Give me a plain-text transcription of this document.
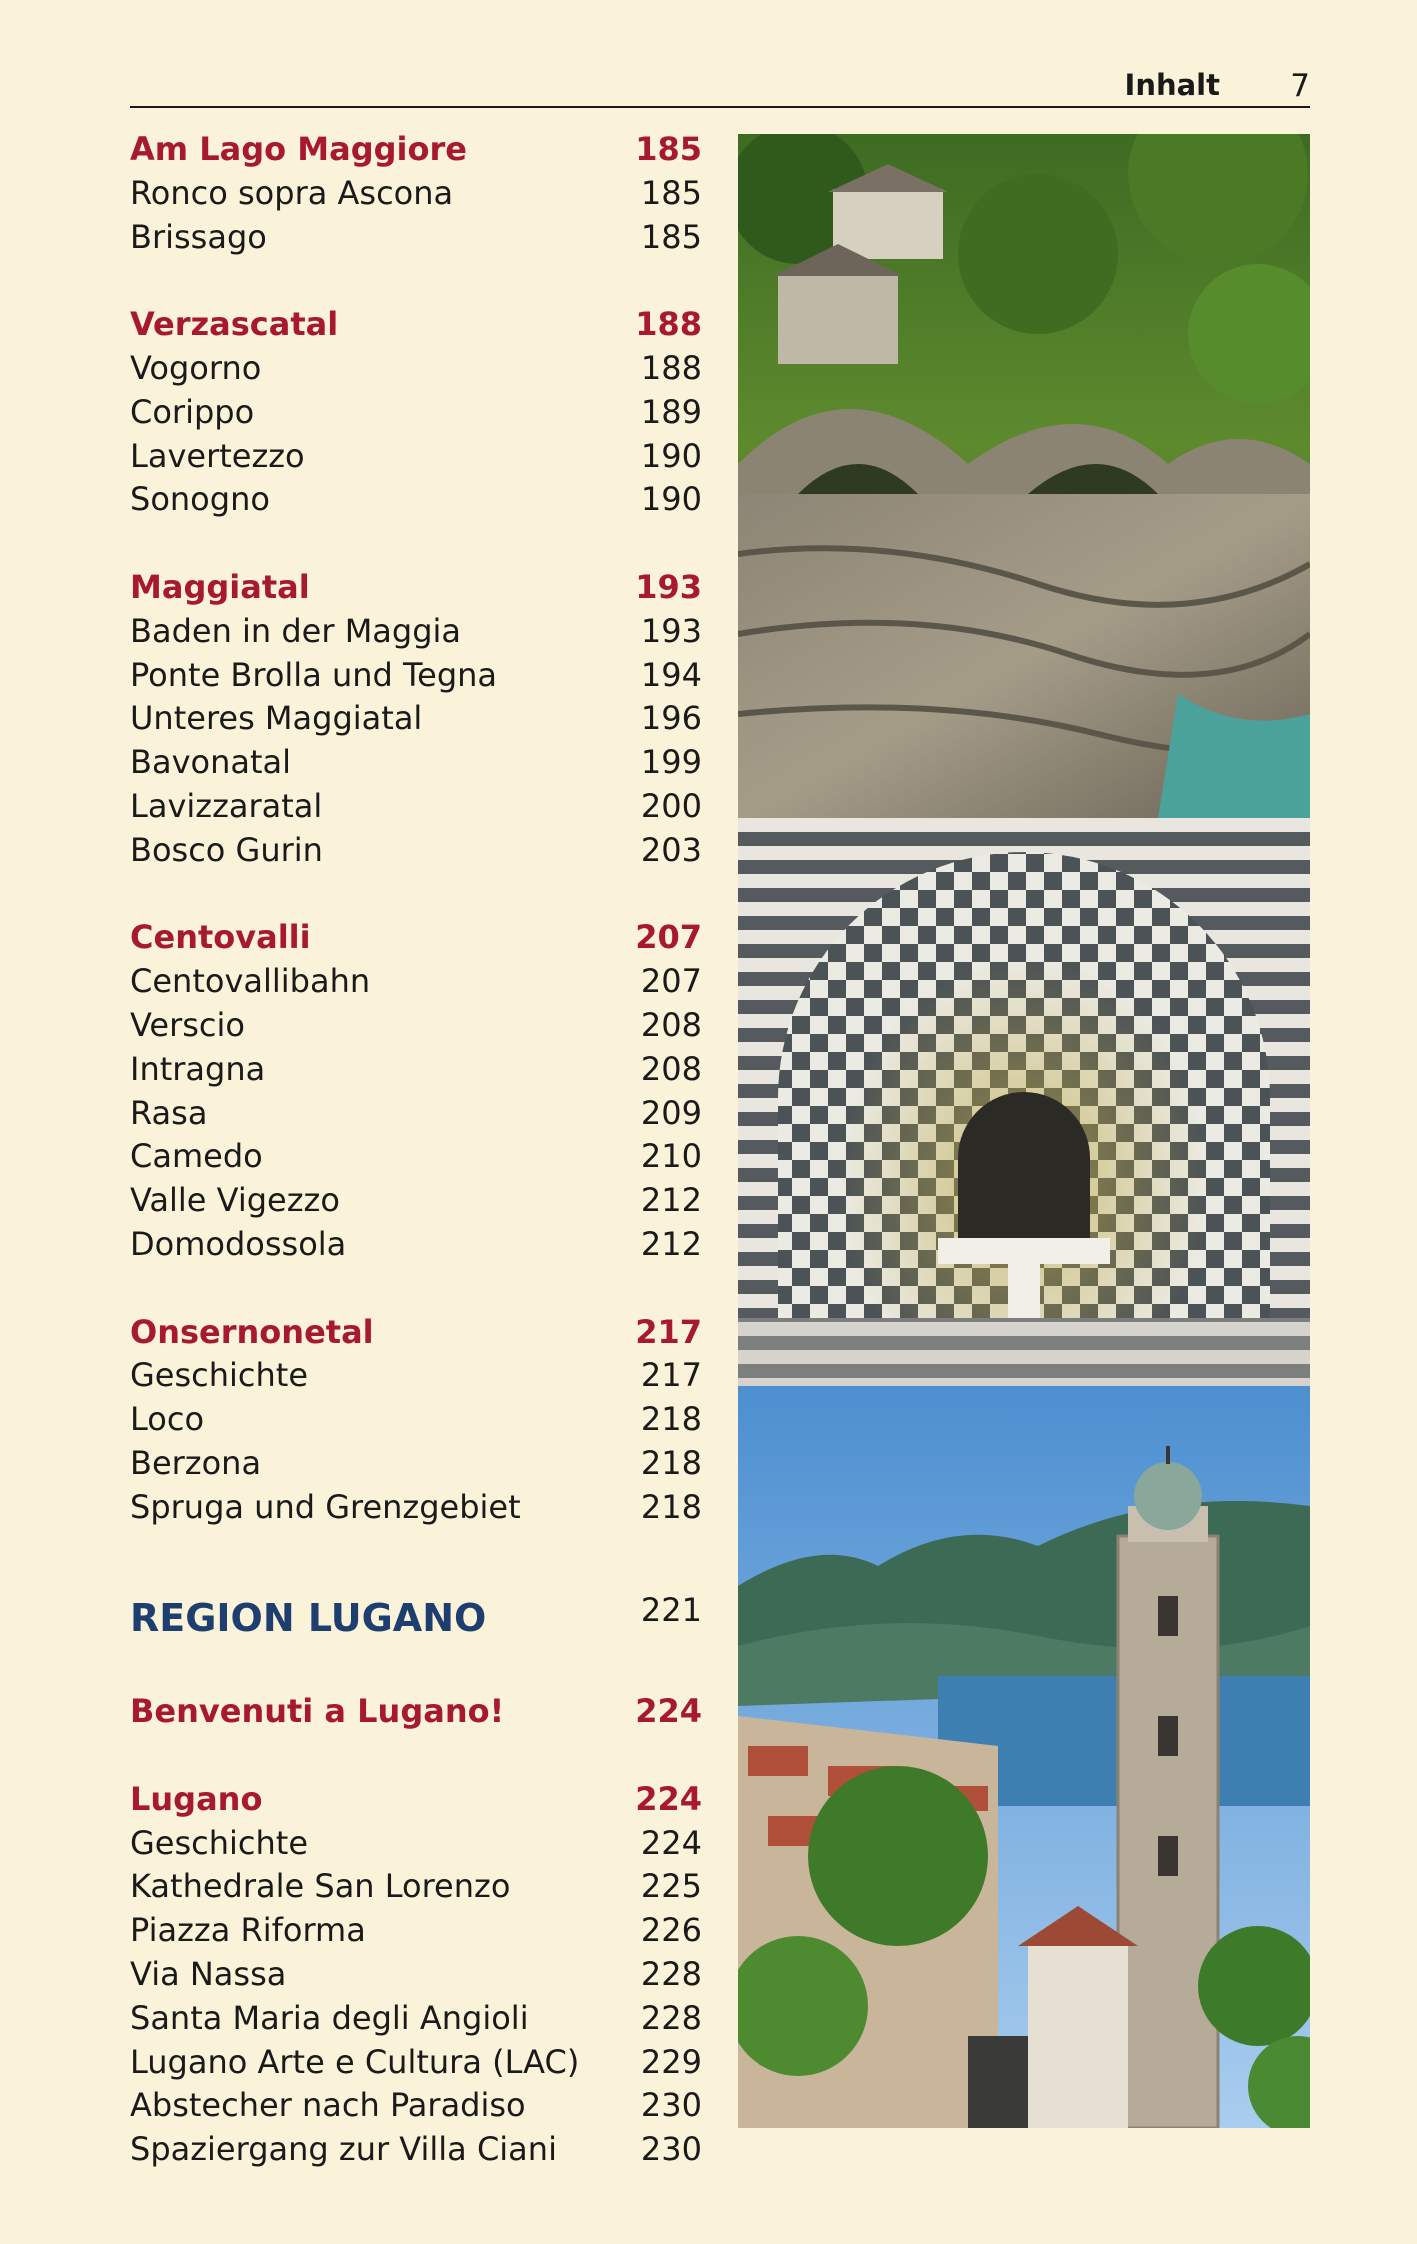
Inhalt 7
Am Lago Maggiore	185
Ronco sopra Ascona	185
Brissago	185
Verzascatal	188
Vogorno	188
Corippo	189
Lavertezzo	190
Sonogno	190
Maggiatal	193
Baden in der Maggia	193
Ponte Brolla und Tegna	194
Unteres Maggiatal	196
Bavonatal	199
Lavizzaratal	200
Bosco Gurin	203
Centovalli	207
Centovallibahn	207
Verscio	208
Intragna	208
Rasa	209
Camedo	210
Valle Vigezzo	212
Domodossola	212
Onsernonetal	217
Geschichte	217
Loco	218
Berzona	218
Spruga und Grenzgebiet	218
REGION LUGANO	221
Benvenuti a Lugano!	224
Lugano	224
Geschichte	224
Kathedrale San Lorenzo	225
Piazza Riforma	226
Via Nassa	228
Santa Maria degli Angioli	228
Lugano Arte e Cultura (LAC) 229
Abstecher nach Paradiso	230
Spaziergang zur Villa Ciani	230
